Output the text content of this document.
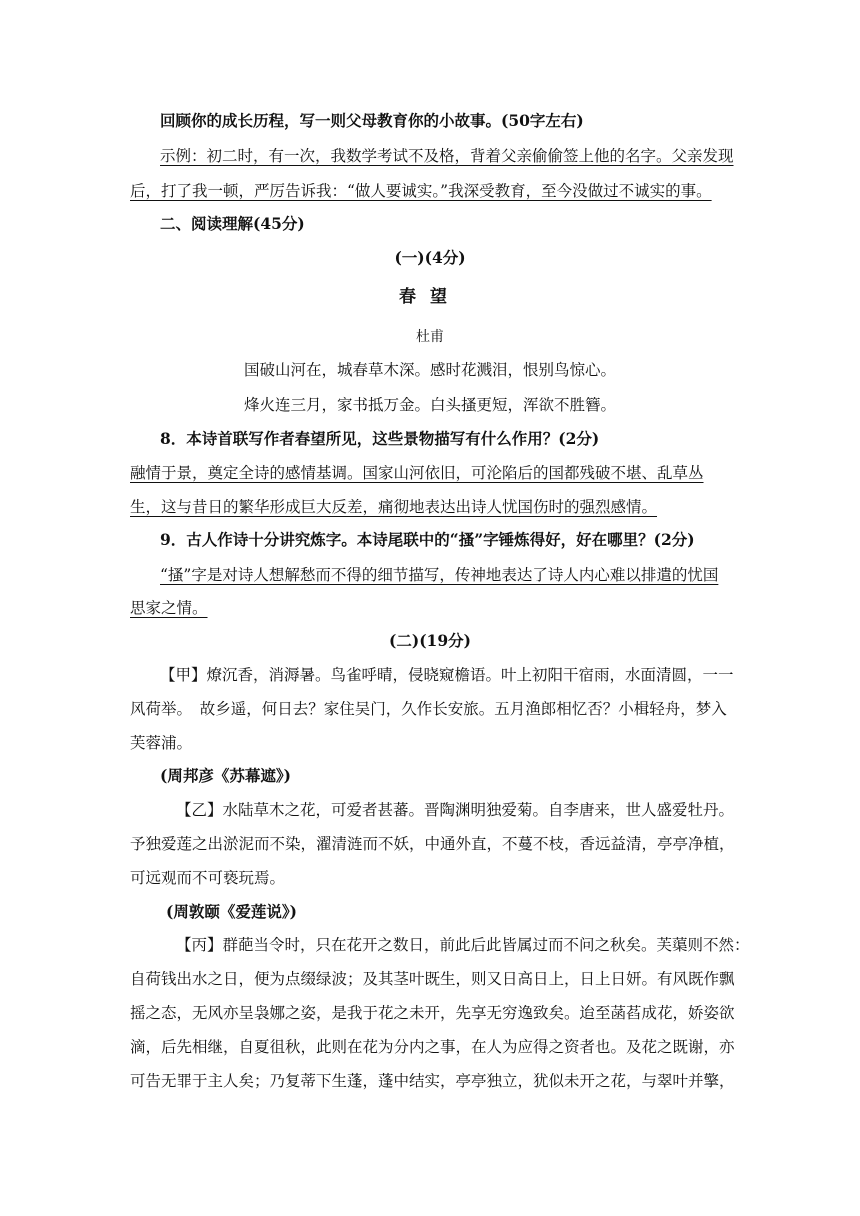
回顾你的成长历程，写一则父母教育你的小故事。(50字左右)
示例：初二时，有一次，我数学考试不及格，背着父亲偷偷签上他的名字。父亲发现
后，打了我一顿，严厉告诉我：“做人要诚实。”我深受教育，至今没做过不诚实的事。
二、阅读理解(45分)
(一)(4分)
春望
杜甫
国破山河在，城春草木深。感时花溅泪，恨别鸟惊心。
烽火连三月，家书抵万金。白头搔更短，浑欲不胜簪。
8．本诗首联写作者春望所见，这些景物描写有什么作用？(2分)
融情于景，奠定全诗的感情基调。国家山河依旧，可沦陷后的国都残破不堪、乱草丛
生，这与昔日的繁华形成巨大反差，痛彻地表达出诗人忧国伤时的强烈感情。
9．古人作诗十分讲究炼字。本诗尾联中的“搔”字锤炼得好，好在哪里？(2分)
“搔”字是对诗人想解愁而不得的细节描写，传神地表达了诗人内心难以排遣的忧国
思家之情。
(二)(19分)
【甲】燎沉香，消溽暑。鸟雀呼晴，侵晓窥檐语。叶上初阳干宿雨，水面清圆，一一
风荷举。　故乡遥，何日去？家住吴门，久作长安旅。五月渔郎相忆否？小楫轻舟，梦入
芙蓉浦。
(周邦彦《苏幕遮》)
【乙】水陆草木之花，可爱者甚蕃。晋陶渊明独爱菊。自李唐来，世人盛爱牡丹。
予独爱莲之出淤泥而不染，濯清涟而不妖，中通外直，不蔓不枝，香远益清，亭亭净植，
可远观而不可亵玩焉。
(周敦颐《爱莲说》)
【丙】群葩当令时，只在花开之数日，前此后此皆属过而不问之秋矣。芙蕖则不然：
自荷钱出水之日，便为点缀绿波；及其茎叶既生，则又日高日上，日上日妍。有风既作飘
摇之态，无风亦呈袅娜之姿，是我于花之未开，先享无穷逸致矣。迨至菡萏成花，娇姿欲
滴，后先相继，自夏徂秋，此则在花为分内之事，在人为应得之资者也。及花之既谢，亦
可告无罪于主人矣；乃复蒂下生蓬，蓬中结实，亭亭独立，犹似未开之花，与翠叶并擎，
